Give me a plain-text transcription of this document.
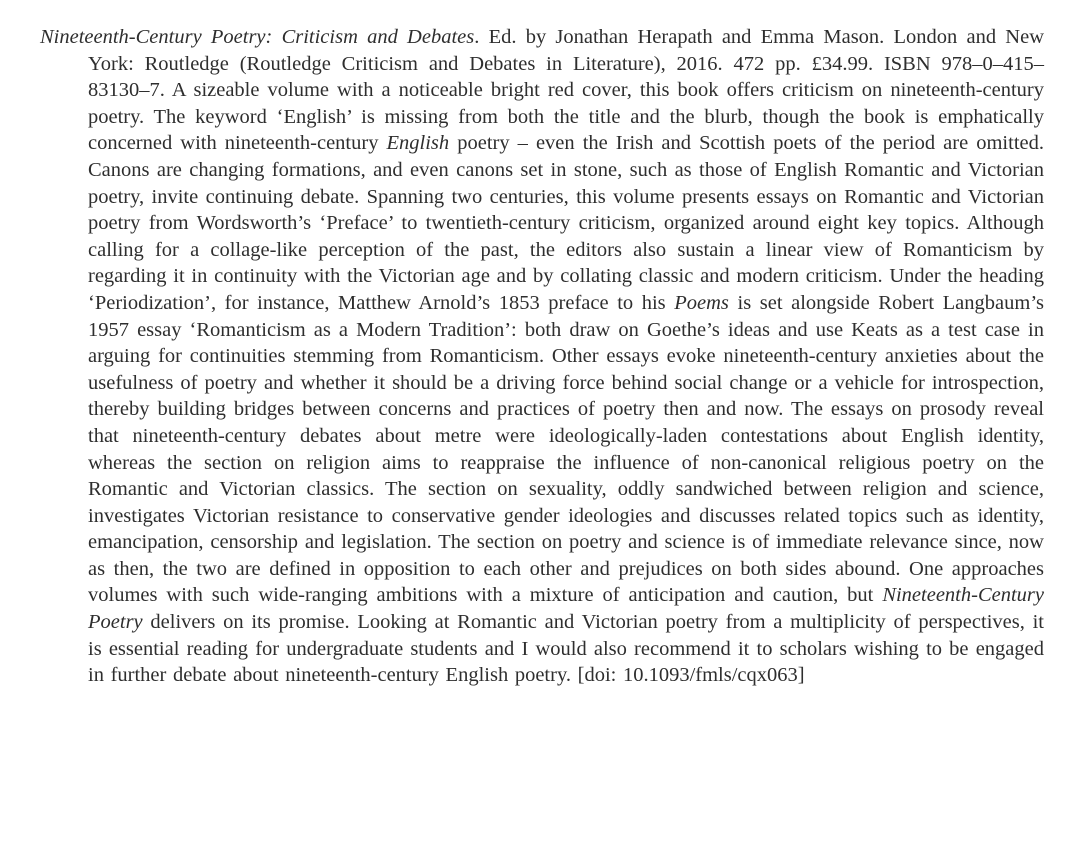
Nineteenth-Century Poetry: Criticism and Debates. Ed. by Jonathan Herapath and Emma Mason. London and New York: Routledge (Routledge Criticism and Debates in Literature), 2016. 472 pp. £34.99. ISBN 978–0–415–83130–7. A sizeable volume with a noticeable bright red cover, this book offers criticism on nineteenth-century poetry. The keyword ‘English’ is missing from both the title and the blurb, though the book is emphatically concerned with nineteenth-century English poetry – even the Irish and Scottish poets of the period are omitted. Canons are changing formations, and even canons set in stone, such as those of English Romantic and Victorian poetry, invite continuing debate. Spanning two centuries, this volume presents essays on Romantic and Victorian poetry from Wordsworth’s ‘Preface’ to twentieth-century criticism, organized around eight key topics. Although calling for a collage-like perception of the past, the editors also sustain a linear view of Romanticism by regarding it in continuity with the Victorian age and by collating classic and modern criticism. Under the heading ‘Periodization’, for instance, Matthew Arnold’s 1853 preface to his Poems is set alongside Robert Langbaum’s 1957 essay ‘Romanticism as a Modern Tradition’: both draw on Goethe’s ideas and use Keats as a test case in arguing for continuities stemming from Romanticism. Other essays evoke nineteenth-century anxieties about the usefulness of poetry and whether it should be a driving force behind social change or a vehicle for introspection, thereby building bridges between concerns and practices of poetry then and now. The essays on prosody reveal that nineteenth-century debates about metre were ideologically-laden contestations about English identity, whereas the section on religion aims to reappraise the influence of non-canonical religious poetry on the Romantic and Victorian classics. The section on sexuality, oddly sandwiched between religion and science, investigates Victorian resistance to conservative gender ideologies and discusses related topics such as identity, emancipation, censorship and legislation. The section on poetry and science is of immediate relevance since, now as then, the two are defined in opposition to each other and prejudices on both sides abound. One approaches volumes with such wide-ranging ambitions with a mixture of anticipation and caution, but Nineteenth-Century Poetry delivers on its promise. Looking at Romantic and Victorian poetry from a multiplicity of perspectives, it is essential reading for undergraduate students and I would also recommend it to scholars wishing to be engaged in further debate about nineteenth-century English poetry. [doi: 10.1093/fmls/cqx063]
